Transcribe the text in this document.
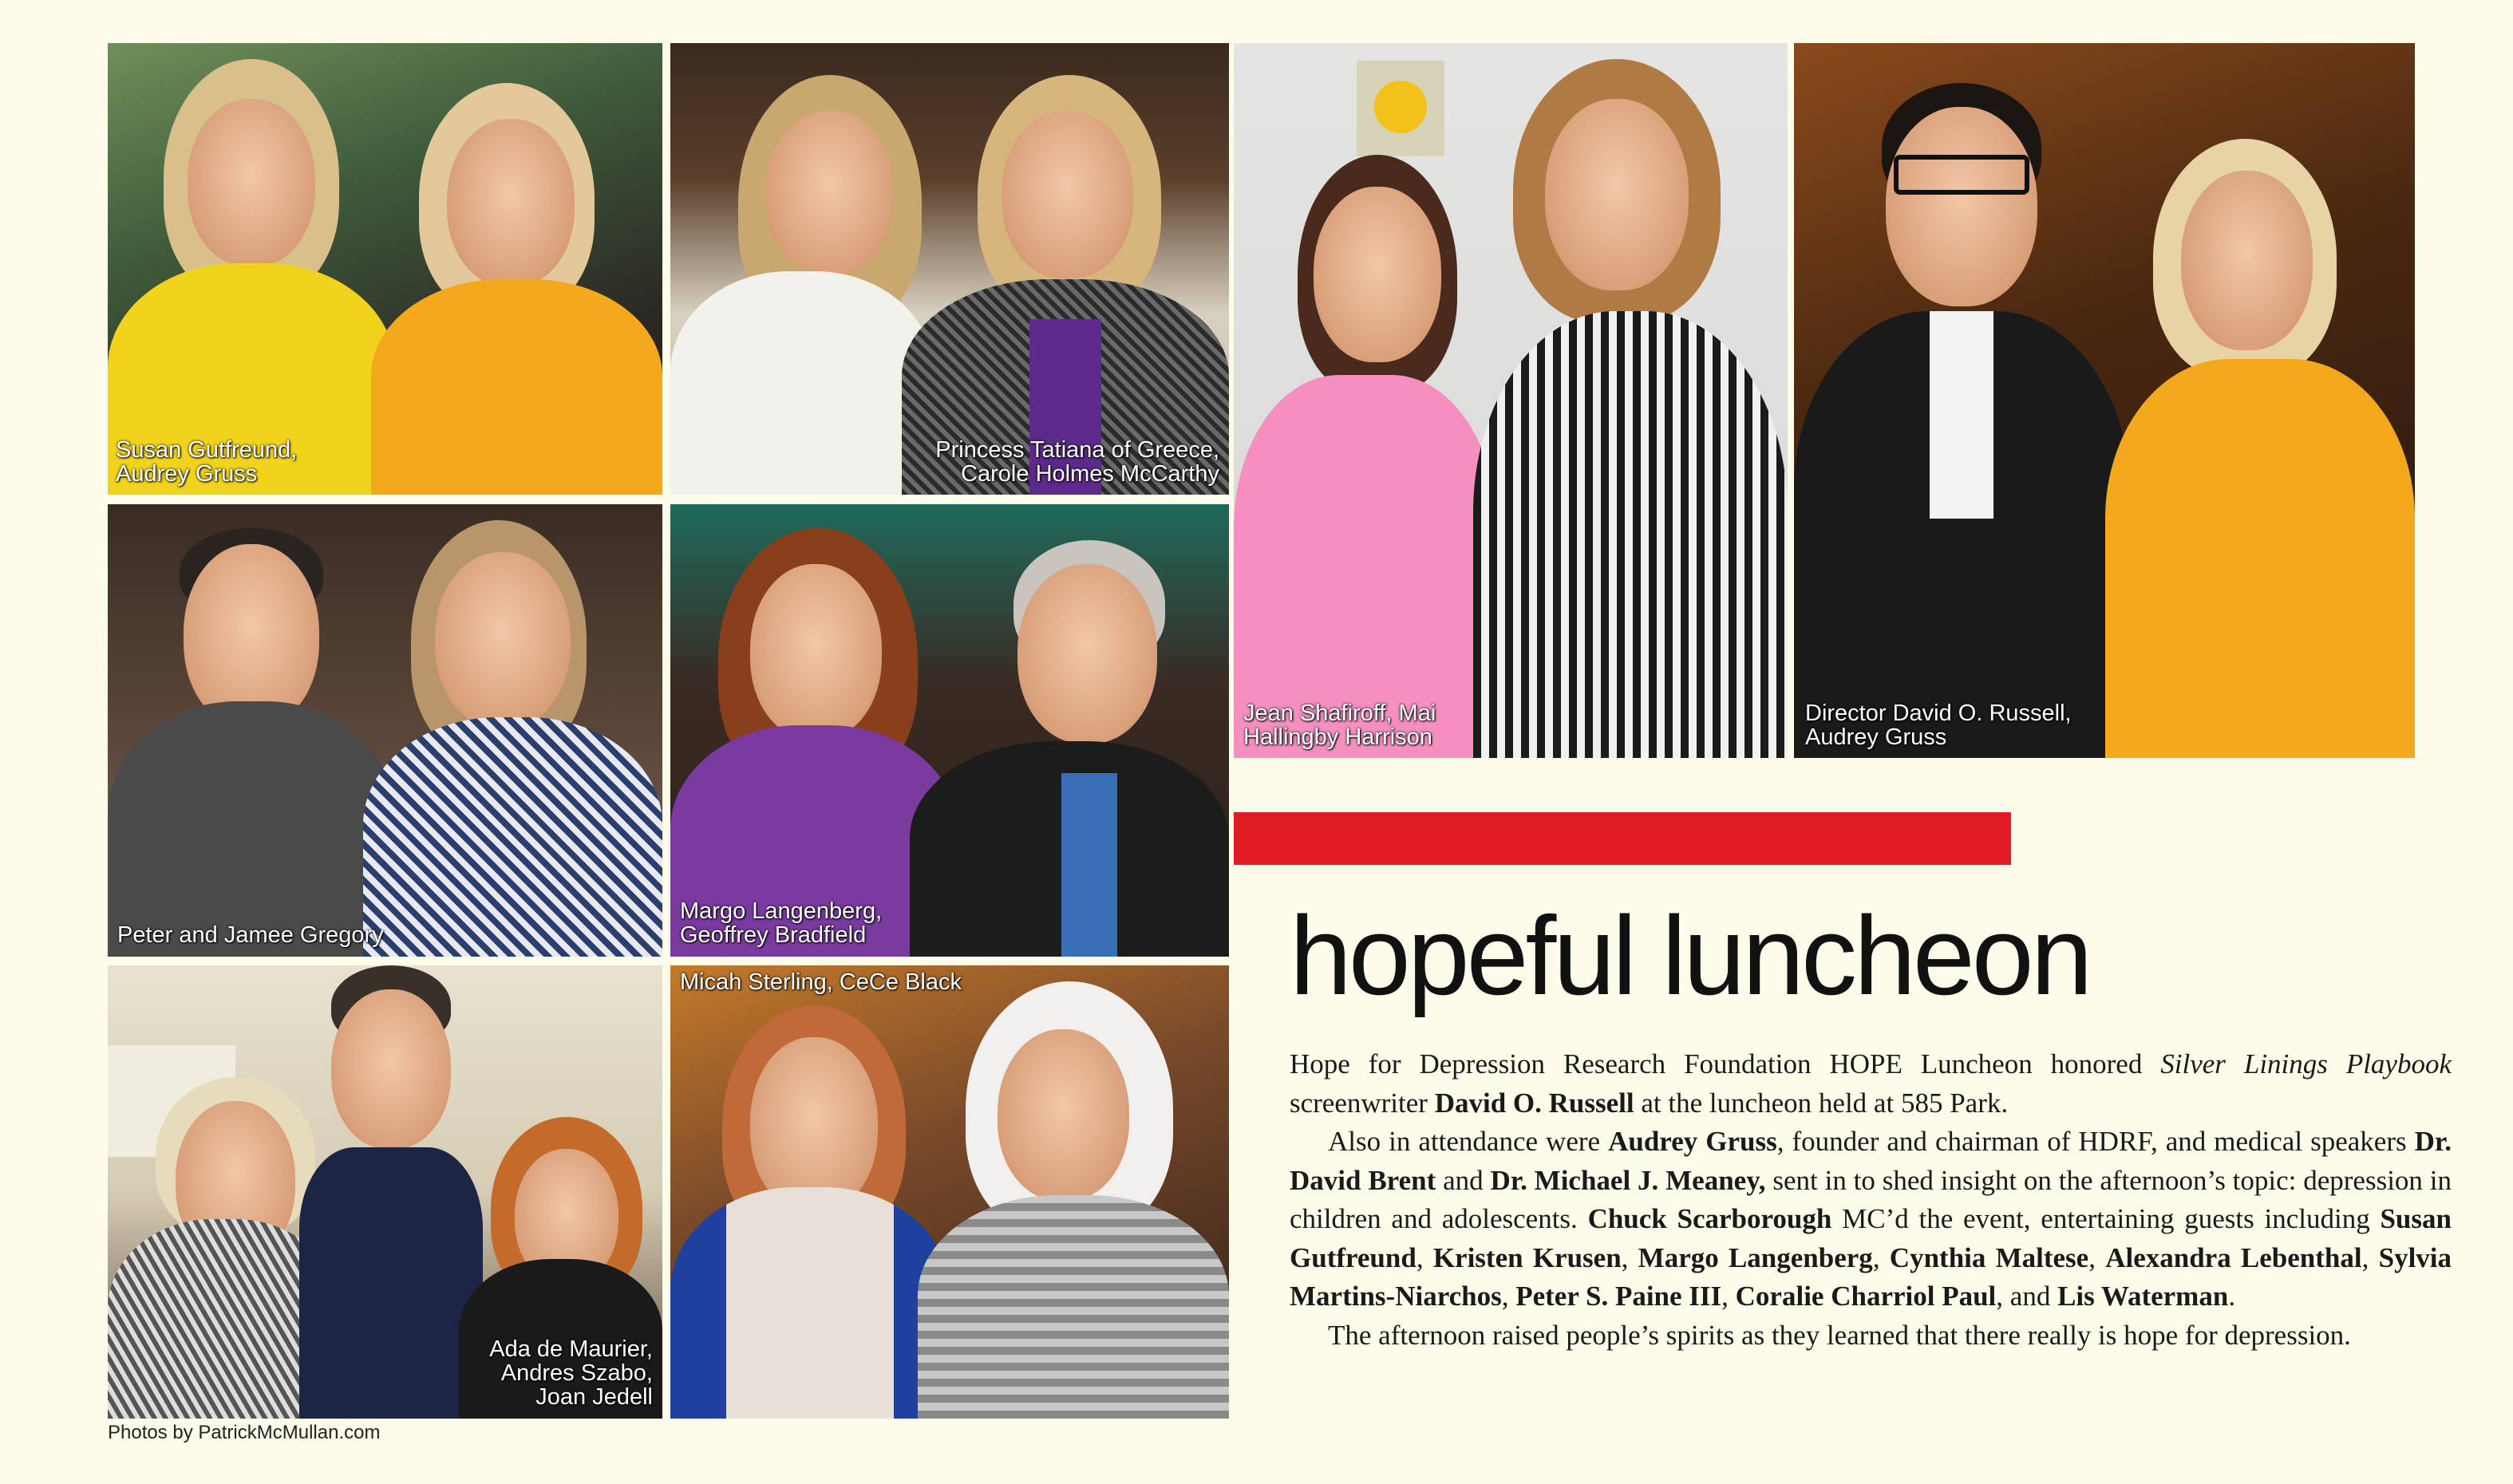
Susan Gutfreund,
Audrey Gruss
Princess Tatiana of Greece,
Carole Holmes McCarthy
Jean Shafiroff, Mai
Hallingby Harrison
Director David O. Russell,
Audrey Gruss
Peter and Jamee Gregory
Margo Langenberg,
Geoffrey Bradfield
Ada de Maurier,
Andres Szabo,
Joan Jedell
Micah Sterling, CeCe Black
Photos by PatrickMcMullan.com
hopeful luncheon

Hope for Depression Research Foundation HOPE Luncheon honored Silver Linings Playbook screenwriter David O. Russell at the luncheon held at 585 Park.

Also in attendance were Audrey Gruss, founder and chairman of HDRF, and medical speakers Dr. David Brent and Dr. Michael J. Meaney, sent in to shed insight on the afternoon’s topic: depression in children and adolescents. Chuck Scarborough MC’d the event, entertaining guests including Susan Gutfreund, Kristen Krusen, Margo Langenberg, Cynthia Maltese, Alexandra Lebenthal, Sylvia Martins-Niarchos, Peter S. Paine III, Coralie Charriol Paul, and Lis Waterman.

The afternoon raised people’s spirits as they learned that there really is hope for depression.
